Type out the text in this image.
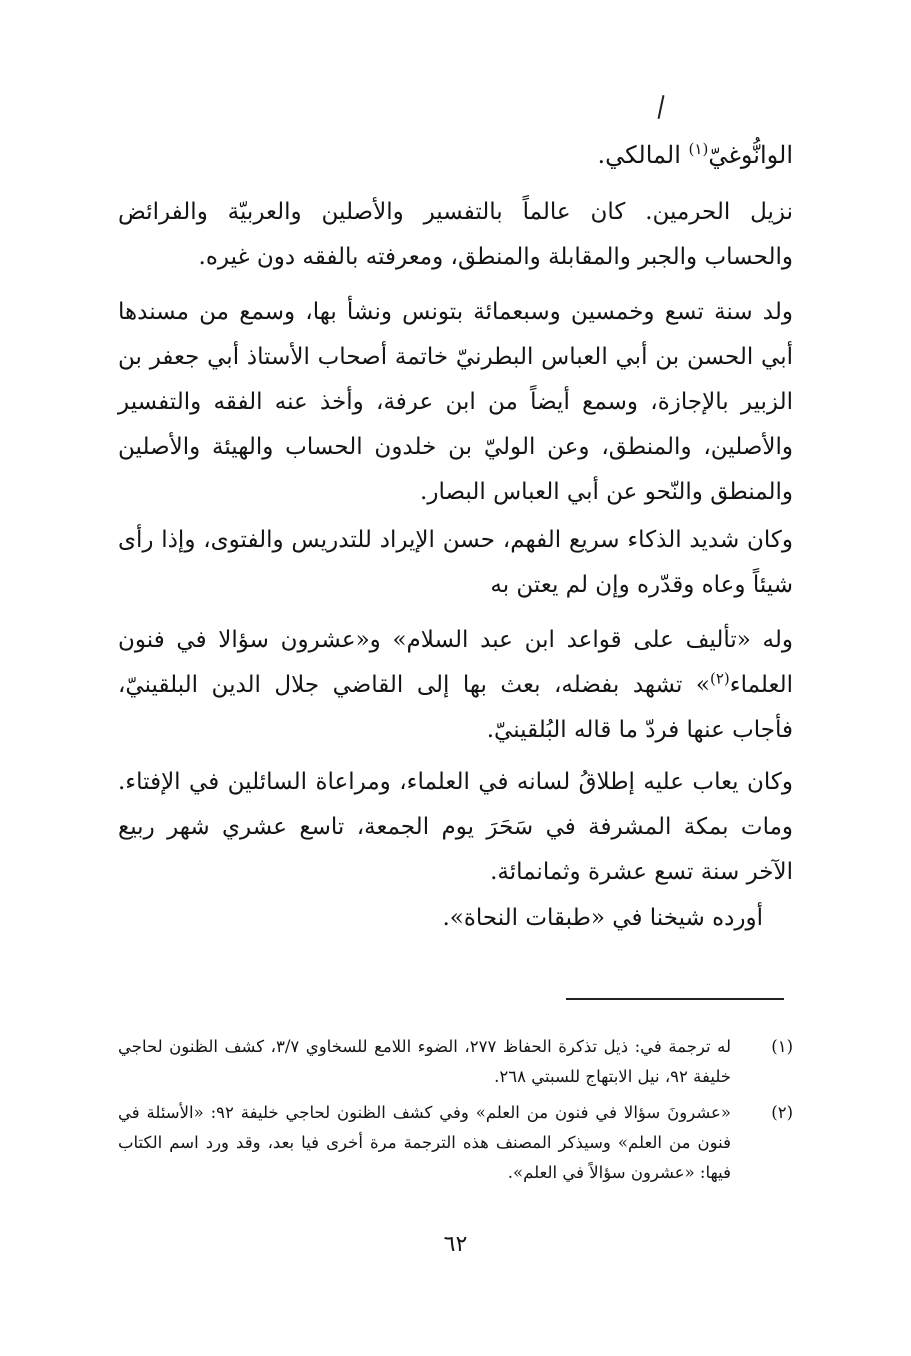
الوانُّوغيّ$^{(١)}$ المالكي.

نزيل الحرمين. كان عالماً بالتفسير والأصلين والعربيّة والفرائض والحساب والجبر والمقابلة والمنطق، ومعرفته بالفقه دون غيره.

ولد سنة تسع وخمسين وسبعمائة بتونس ونشأ بها، وسمع من مسندها أبي الحسن بن أبي العباس البطرنيّ خاتمة أصحاب الأستاذ أبي جعفر بن الزبير بالإجازة، وسمع أيضاً من ابن عرفة، وأخذ عنه الفقه والتفسير والأصلين، والمنطق، وعن الوليّ بن خلدون الحساب والهيئة والأصلين والمنطق والنّحو عن أبي العباس البصار.

وكان شديد الذكاء سريع الفهم، حسن الإيراد للتدريس والفتوى، وإذا رأى شيئاً وعاه وقدّره وإن لم يعتن به

وله «تأليف على قواعد ابن عبد السلام» و«عشرون سؤالا في فنون العلماء$^{(٢)}$» تشهد بفضله، بعث بها إلى القاضي جلال الدين البلقينيّ، فأجاب عنها فردّ ما قاله البُلقينيّ.

وكان يعاب عليه إطلاقُ لسانه في العلماء، ومراعاة السائلين في الإفتاء. ومات بمكة المشرفة في سَحَرَ يوم الجمعة، تاسع عشري شهر ربيع الآخر سنة تسع عشرة وثمانمائة.

أورده شيخنا في «طبقات النحاة».
(١)
له ترجمة في: ذيل تذكرة الحفاظ ٢٧٧، الضوء اللامع للسخاوي ٣/٧، كشف الظنون لحاجي خليفة ٩٢، نيل الابتهاج للسبتي ٢٦٨.
(٢)
«عشرونَ سؤالا في فنون من العلم» وفي كشف الظنون لحاجي خليفة ٩٢: «الأسئلة في فنون من العلم» وسيذكر المصنف هذه الترجمة مرة أخرى فيا بعد، وقد ورد اسم الكتاب فيها: «عشرون سؤالاً في العلم».
٦٢
